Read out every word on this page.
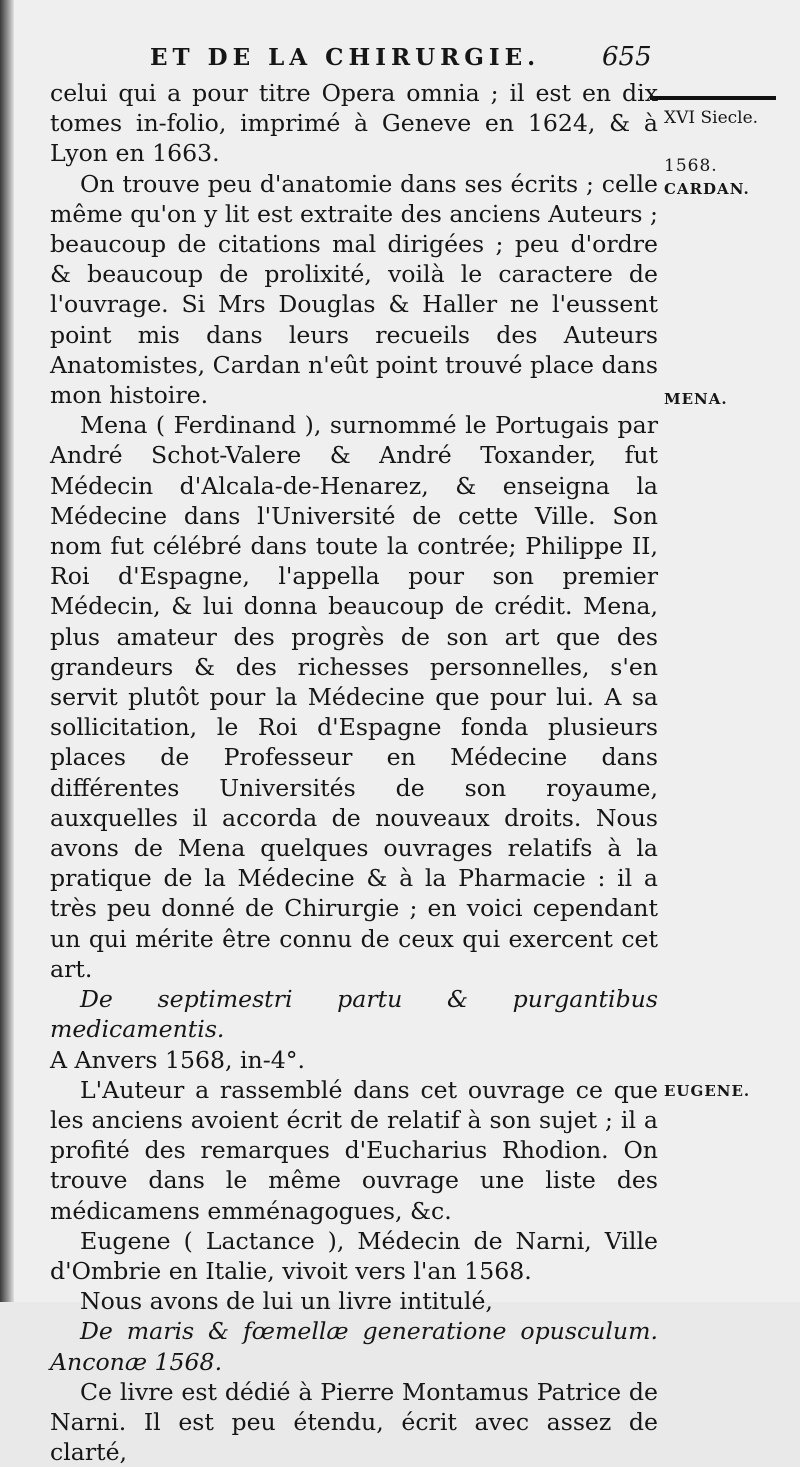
ET DE LA CHIRURGIE.	655
XVI Siecle.
1568.
CARDAN.
MENA.
EUGENE.

celui qui a pour titre Opera omnia ; il est en dix tomes in-folio, imprimé à Geneve en 1624, & à Lyon en 1663.

On trouve peu d'anatomie dans ses écrits ; celle même qu'on y lit est extraite des anciens Auteurs ; beaucoup de citations mal dirigées ; peu d'ordre & beaucoup de prolixité, voilà le caractere de l'ouvrage. Si Mrs Douglas & Haller ne l'eussent point mis dans leurs recueils des Auteurs Anatomistes, Cardan n'eût point trouvé place dans mon histoire.

Mena ( Ferdinand ), surnommé le Portugais par André Schot-Valere & André Toxander, fut Médecin d'Alcala-de-Henarez, & enseigna la Médecine dans l'Université de cette Ville. Son nom fut célébré dans toute la contrée; Philippe II, Roi d'Espagne, l'appella pour son premier Médecin, & lui donna beaucoup de crédit. Mena, plus amateur des progrès de son art que des grandeurs & des richesses personnelles, s'en servit plutôt pour la Médecine que pour lui. A sa sollicitation, le Roi d'Espagne fonda plusieurs places de Professeur en Médecine dans différentes Universités de son royaume, auxquelles il accorda de nouveaux droits. Nous avons de Mena quelques ouvrages relatifs à la pratique de la Médecine & à la Pharmacie : il a très peu donné de Chirurgie ; en voici cependant un qui mérite être connu de ceux qui exercent cet art.

De septimestri partu & purgantibus medicamentis.

A Anvers 1568, in-4°.

L'Auteur a rassemblé dans cet ouvrage ce que les anciens avoient écrit de relatif à son sujet ; il a profité des remarques d'Eucharius Rhodion. On trouve dans le même ouvrage une liste des médicamens emménagogues, &c.

Eugene ( Lactance ), Médecin de Narni, Ville d'Ombrie en Italie, vivoit vers l'an 1568.

Nous avons de lui un livre intitulé,

De maris & fœmellæ generatione opusculum. Anconæ 1568.

Ce livre est dédié à Pierre Montamus Patrice de Narni. Il est peu étendu, écrit avec assez de clarté,
